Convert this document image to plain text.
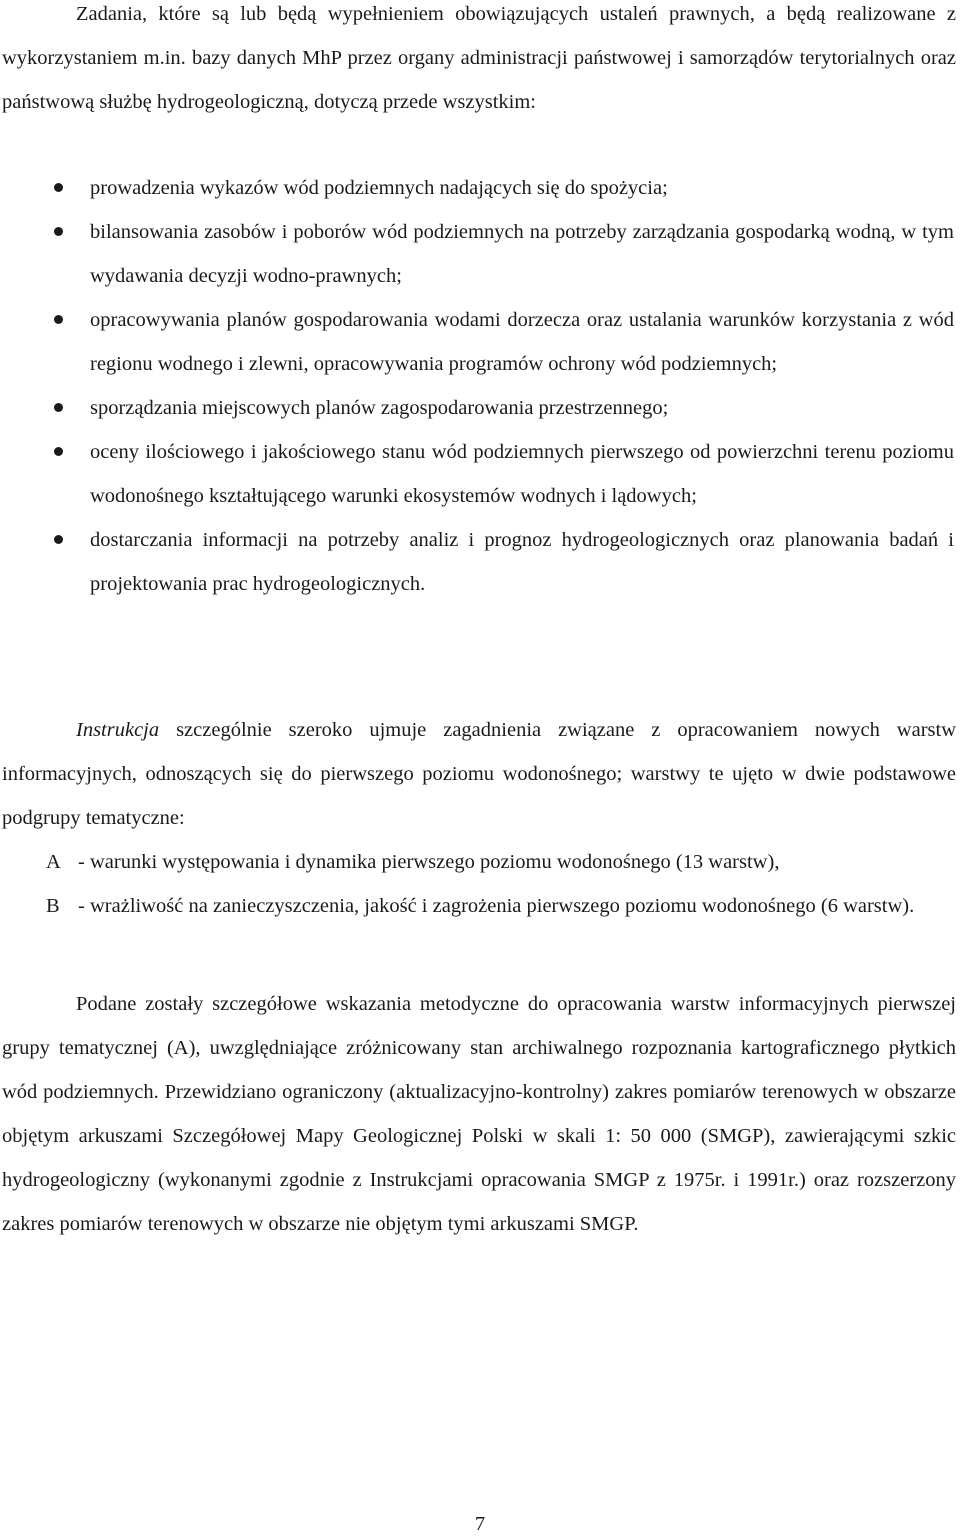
Zadania, które są lub będą wypełnieniem obowiązujących ustaleń prawnych, a będą realizowane z wykorzystaniem m.in. bazy danych MhP przez organy administracji państwowej i samorządów terytorialnych oraz państwową służbę hydrogeologiczną, dotyczą przede wszystkim:

prowadzenia wykazów wód podziemnych nadających się do spożycia;
bilansowania zasobów i poborów wód podziemnych na potrzeby zarządzania gospodarką wodną, w tym wydawania decyzji wodno-prawnych;
opracowywania planów gospodarowania wodami dorzecza oraz ustalania warunków korzystania z wód regionu wodnego i zlewni, opracowywania programów ochrony wód podziemnych;
sporządzania miejscowych planów zagospodarowania przestrzennego;
oceny ilościowego i jakościowego stanu wód podziemnych pierwszego od powierzchni terenu poziomu wodonośnego kształtującego warunki ekosystemów wodnych i lądowych;
dostarczania informacji na potrzeby analiz i prognoz hydrogeologicznych oraz planowania badań i projektowania prac hydrogeologicznych.

Instrukcja szczególnie szeroko ujmuje zagadnienia związane z opracowaniem nowych warstw informacyjnych, odnoszących się do pierwszego poziomu wodonośnego; warstwy te ujęto w dwie podstawowe podgrupy tematyczne:

A - warunki występowania i dynamika pierwszego poziomu wodonośnego (13 warstw),
B - wrażliwość na zanieczyszczenia, jakość i zagrożenia pierwszego poziomu wodonośnego (6 warstw).

Podane zostały szczegółowe wskazania metodyczne do opracowania warstw informacyjnych pierwszej grupy tematycznej (A), uwzględniające zróżnicowany stan archiwalnego rozpoznania kartograficznego płytkich wód podziemnych. Przewidziano ograniczony (aktualizacyjno-kontrolny) zakres pomiarów terenowych w obszarze objętym arkuszami Szczegółowej Mapy Geologicznej Polski w skali 1: 50 000 (SMGP), zawierającymi szkic hydrogeologiczny (wykonanymi zgodnie z Instrukcjami opracowania SMGP z 1975r. i 1991r.) oraz rozszerzony zakres pomiarów terenowych w obszarze nie objętym tymi arkuszami SMGP.

7
